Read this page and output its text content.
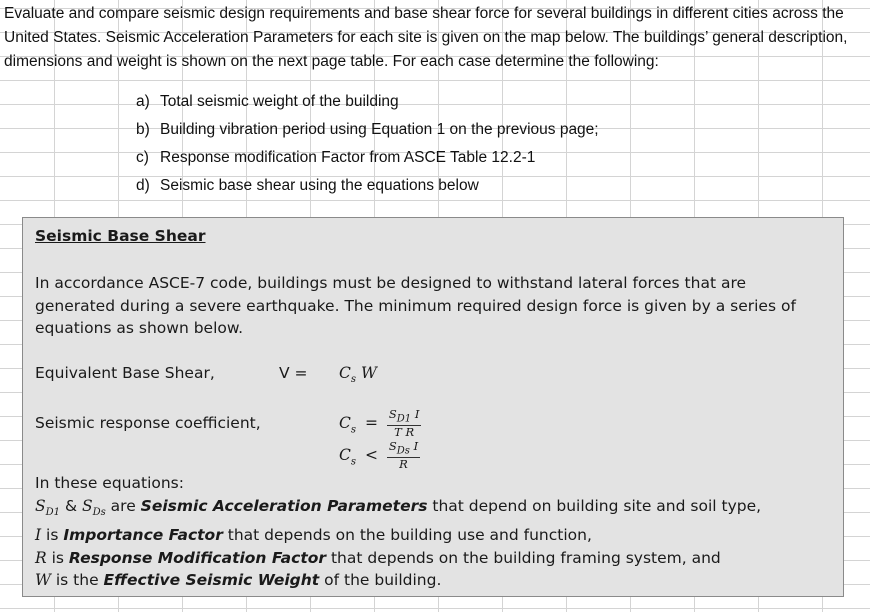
Evaluate and compare seismic design requirements and base shear force for several buildings in different cities across the United States. Seismic Acceleration Parameters for each site is given on the map below. The buildings’ general description, dimensions and weight is shown on the next page table. For each case determine the following:

a) Total seismic weight of the building
b) Building vibration period using Equation 1 on the previous page;
c) Response modification Factor from ASCE Table 12.2-1
d) Seismic base shear using the equations below
Seismic Base Shear
In accordance ASCE-7 code, buildings must be designed to withstand lateral forces that are generated during a severe earthquake. The minimum required design force is given by a series of equations as shown below.
Equivalent Base Shear,	$V = C_s$ W
Seismic response coefficient,	$C_s = \frac{S_{D1} I}{\text{T R}}$
$C_s < \frac{S_{Ds} I}{R}$
In these equations:
$S_{D1}$ & $S_{Ds}$ are Seismic Acceleration Parameters that depend on building site and soil type,
I is Importance Factor that depends on the building use and function,
R is Response Modification Factor that depends on the building framing system, and
W is the Effective Seismic Weight of the building.
